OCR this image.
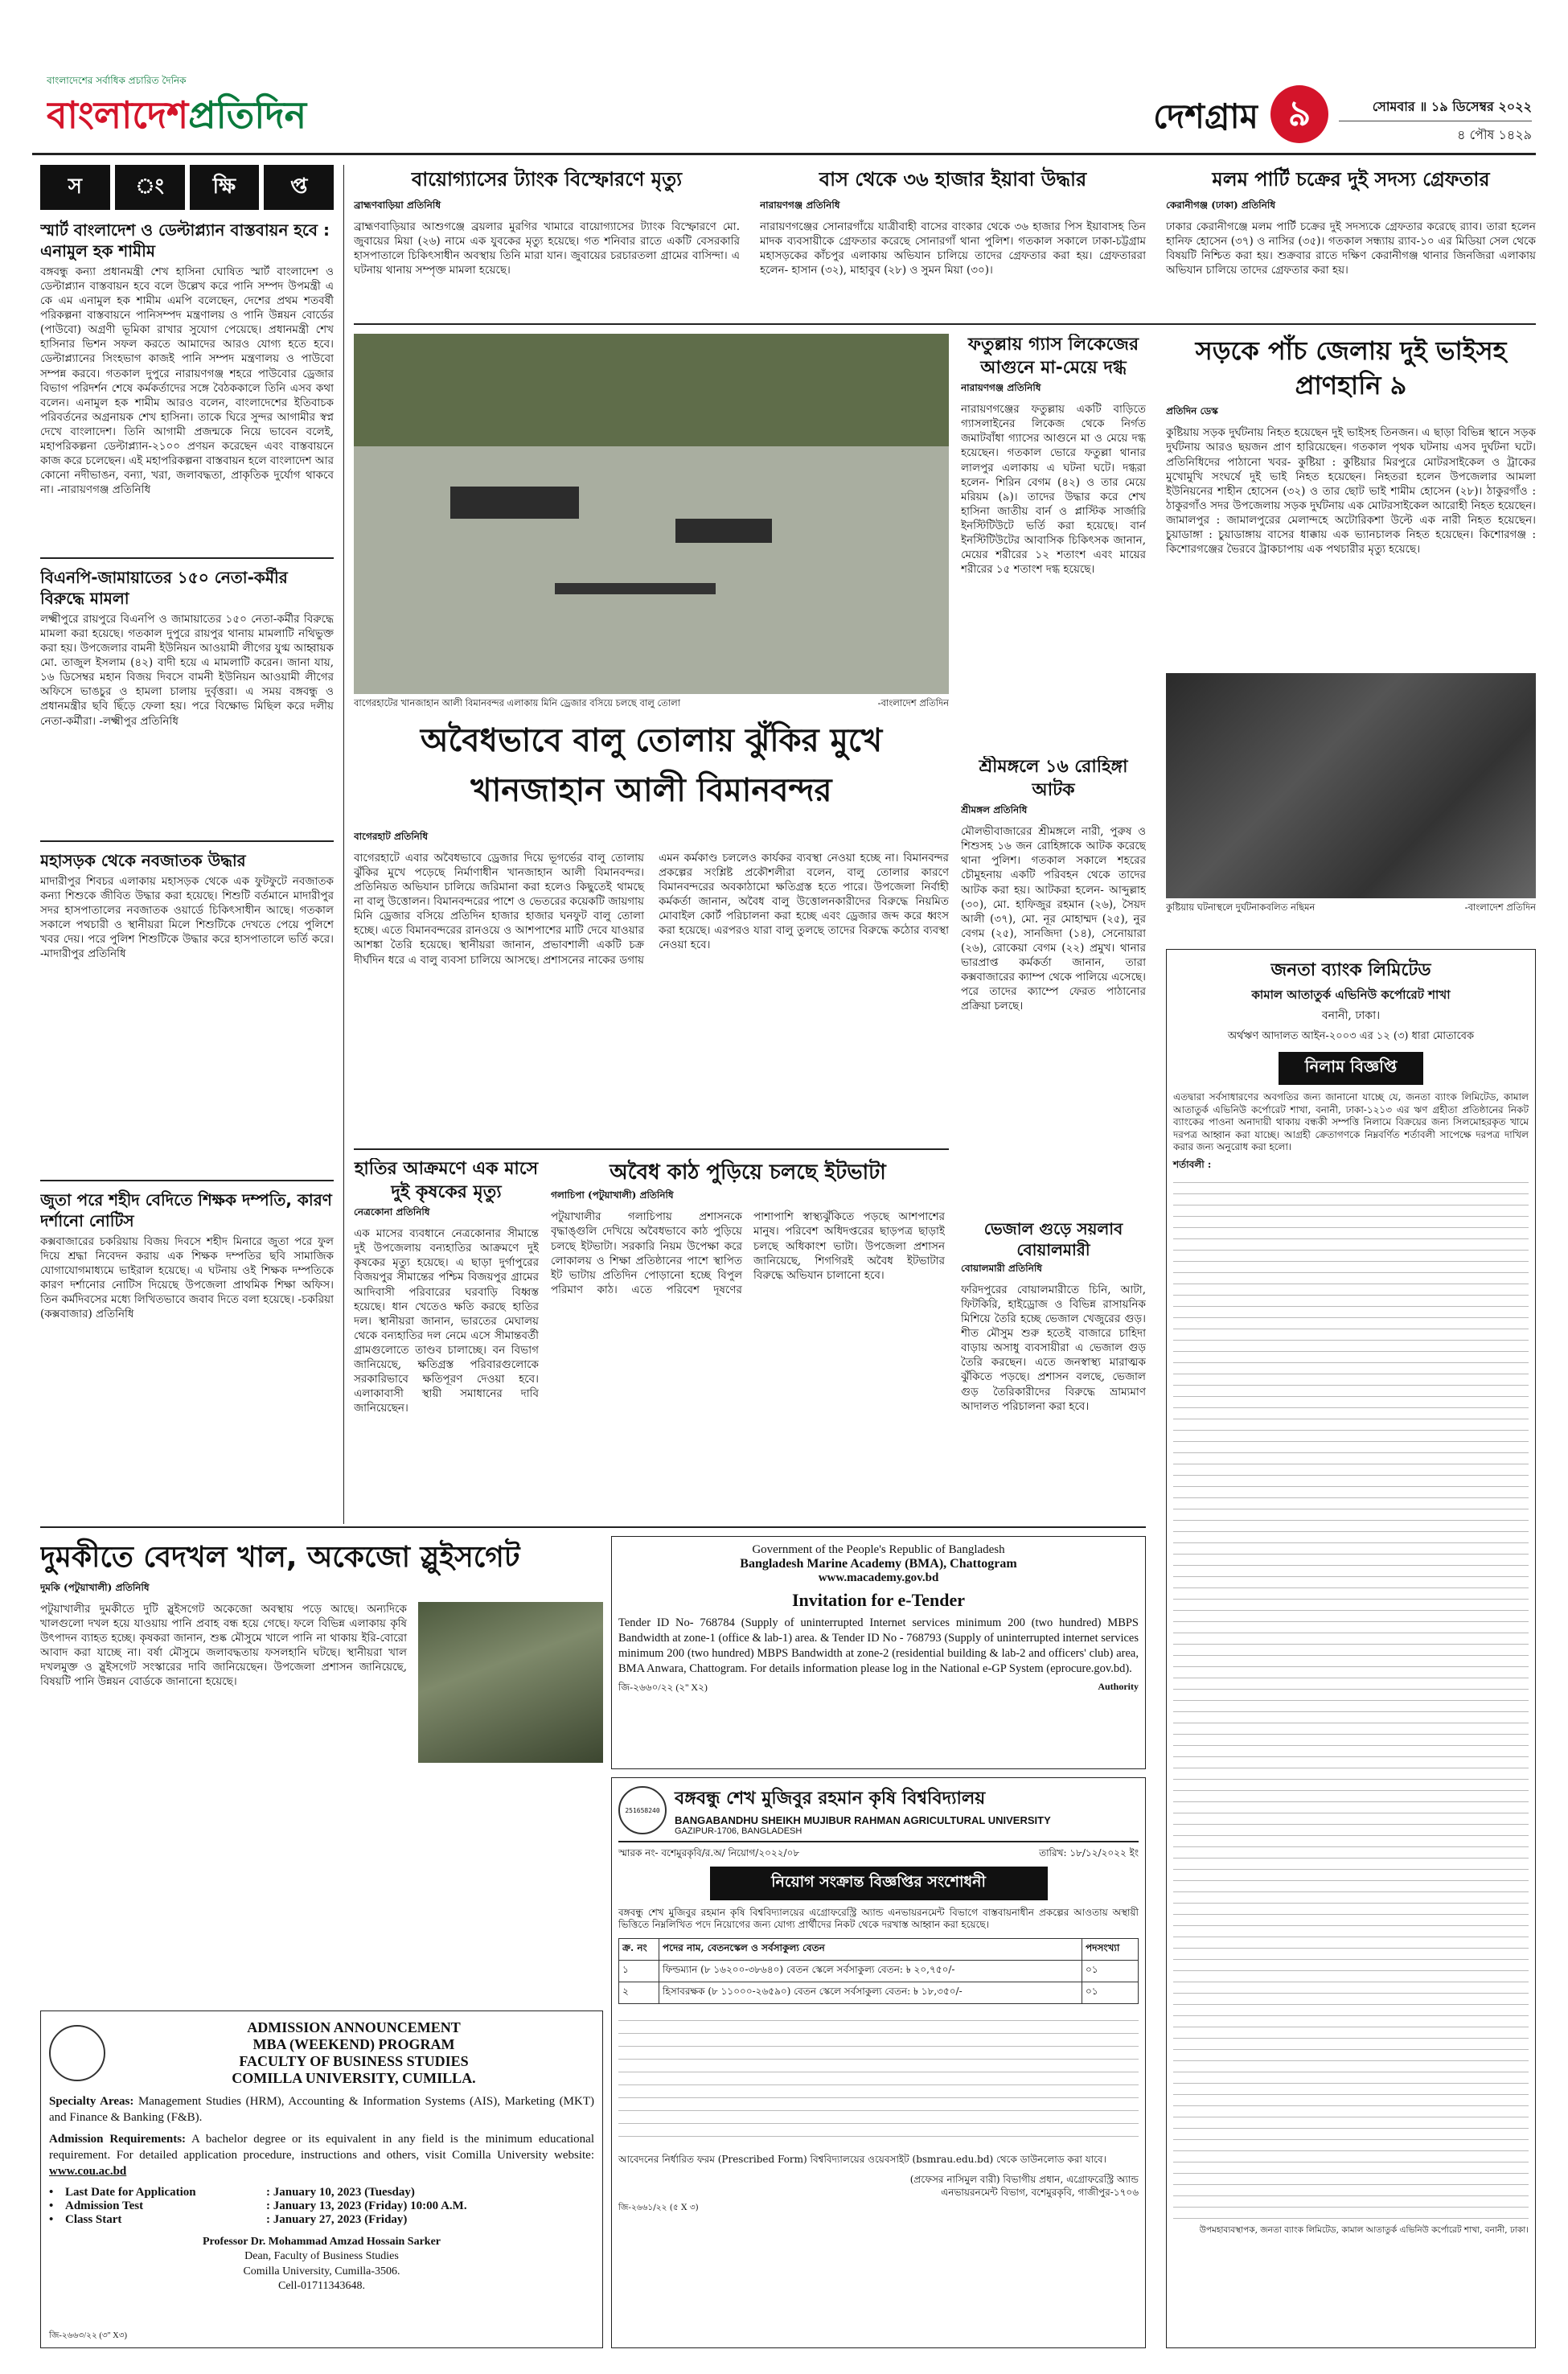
বাংলাদেশের সর্বাধিক প্রচারিত দৈনিক
বাংলাদেশপ্রতিদিন	দেশগ্রাম ৯	সোমবার ॥ ১৯ ডিসেম্বর ২০২২
৪ পৌষ ১৪২৯
স	ং	ক্ষি	প্ত
স্মার্ট বাংলাদেশ ও ডেল্টাপ্ল্যান বাস্তবায়ন হবে : এনামুল হক শামীম
বঙ্গবন্ধু কন্যা প্রধানমন্ত্রী শেখ হাসিনা ঘোষিত স্মার্ট বাংলাদেশ ও ডেল্টাপ্ল্যান বাস্তবায়ন হবে বলে উল্লেখ করে পানি সম্পদ উপমন্ত্রী এ কে এম এনামুল হক শামীম এমপি বলেছেন, দেশের প্রথম শতবর্ষী পরিকল্পনা বাস্তবায়নে পানিসম্পদ মন্ত্রণালয় ও পানি উন্নয়ন বোর্ডের (পাউবো) অগ্রণী ভূমিকা রাখার সুযোগ পেয়েছে। প্রধানমন্ত্রী শেখ হাসিনার ভিশন সফল করতে আমাদের আরও যোগ্য হতে হবে। ডেল্টাপ্ল্যানের সিংহভাগ কাজই পানি সম্পদ মন্ত্রণালয় ও পাউবো সম্পন্ন করবে। গতকাল দুপুরে নারায়ণগঞ্জ শহরে পাউবোর ড্রেজার বিভাগ পরিদর্শন শেষে কর্মকর্তাদের সঙ্গে বৈঠককালে তিনি এসব কথা বলেন। এনামুল হক শামীম আরও বলেন, বাংলাদেশের ইতিবাচক পরিবর্তনের অগ্রনায়ক শেখ হাসিনা। তাকে ঘিরে সুন্দর আগামীর স্বপ্ন দেখে বাংলাদেশ। তিনি আগামী প্রজন্মকে নিয়ে ভাবেন বলেই, মহাপরিকল্পনা ডেল্টাপ্ল্যান-২১০০ প্রণয়ন করেছেন এবং বাস্তবায়নে কাজ করে চলেছেন। এই মহাপরিকল্পনা বাস্তবায়ন হলে বাংলাদেশ আর কোনো নদীভাঙন, বন্যা, খরা, জলাবদ্ধতা, প্রাকৃতিক দুর্যোগ থাকবে না। -নারায়ণগঞ্জ প্রতিনিধি
বিএনপি-জামায়াতের ১৫০ নেতা-কর্মীর বিরুদ্ধে মামলা
লক্ষ্মীপুরে রায়পুরে বিএনপি ও জামায়াতের ১৫০ নেতা-কর্মীর বিরুদ্ধে মামলা করা হয়েছে। গতকাল দুপুরে রায়পুর থানায় মামলাটি নথিভুক্ত করা হয়। উপজেলার বামনী ইউনিয়ন আওয়ামী লীগের যুগ্ম আহ্বায়ক মো. তাজুল ইসলাম (৪২) বাদী হয়ে এ মামলাটি করেন। জানা যায়, ১৬ ডিসেম্বর মহান বিজয় দিবসে বামনী ইউনিয়ন আওয়ামী লীগের অফিসে ভাঙচুর ও হামলা চালায় দুর্বৃত্তরা। এ সময় বঙ্গবন্ধু ও প্রধানমন্ত্রীর ছবি ছিঁড়ে ফেলা হয়। পরে বিক্ষোভ মিছিল করে দলীয় নেতা-কর্মীরা। -লক্ষ্মীপুর প্রতিনিধি
মহাসড়ক থেকে নবজাতক উদ্ধার
মাদারীপুর শিবচর এলাকায় মহাসড়ক থেকে এক ফুটফুটে নবজাতক কন্যা শিশুকে জীবিত উদ্ধার করা হয়েছে। শিশুটি বর্তমানে মাদারীপুর সদর হাসপাতালের নবজাতক ওয়ার্ডে চিকিৎসাধীন আছে। গতকাল সকালে পথচারী ও স্থানীয়রা মিলে শিশুটিকে দেখতে পেয়ে পুলিশে খবর দেয়। পরে পুলিশ শিশুটিকে উদ্ধার করে হাসপাতালে ভর্তি করে। -মাদারীপুর প্রতিনিধি
জুতা পরে শহীদ বেদিতে শিক্ষক দম্পতি, কারণ দর্শানো নোটিস
কক্সবাজারের চকরিয়ায় বিজয় দিবসে শহীদ মিনারে জুতা পরে ফুল দিয়ে শ্রদ্ধা নিবেদন করায় এক শিক্ষক দম্পতির ছবি সামাজিক যোগাযোগমাধ্যমে ভাইরাল হয়েছে। এ ঘটনায় ওই শিক্ষক দম্পতিকে কারণ দর্শানোর নোটিস দিয়েছে উপজেলা প্রাথমিক শিক্ষা অফিস। তিন কর্মদিবসের মধ্যে লিখিতভাবে জবাব দিতে বলা হয়েছে। -চকরিয়া (কক্সবাজার) প্রতিনিধি
বায়োগ্যাসের ট্যাংক বিস্ফোরণে মৃত্যু
ব্রাহ্মণবাড়িয়া প্রতিনিধি
ব্রাহ্মণবাড়িয়ার আশুগঞ্জে ব্রয়লার মুরগির খামারে বায়োগ্যাসের ট্যাংক বিস্ফোরণে মো. জুবায়ের মিয়া (২৬) নামে এক যুবকের মৃত্যু হয়েছে। গত শনিবার রাতে একটি বেসরকারি হাসপাতালে চিকিৎসাধীন অবস্থায় তিনি মারা যান। জুবায়ের চরচারতলা গ্রামের বাসিন্দা। এ ঘটনায় থানায় সম্পৃক্ত মামলা হয়েছে।
বাস থেকে ৩৬ হাজার ইয়াবা উদ্ধার
নারায়ণগঞ্জ প্রতিনিধি
নারায়ণগঞ্জের সোনারগাঁয়ে যাত্রীবাহী বাসের বাংকার থেকে ৩৬ হাজার পিস ইয়াবাসহ তিন মাদক ব্যবসায়ীকে গ্রেফতার করেছে সোনারগাঁ থানা পুলিশ। গতকাল সকালে ঢাকা-চট্টগ্রাম মহাসড়কের কাঁচপুর এলাকায় অভিযান চালিয়ে তাদের গ্রেফতার করা হয়। গ্রেফতাররা হলেন- হাসান (৩২), মাহাবুব (২৮) ও সুমন মিয়া (৩০)।
মলম পার্টি চক্রের দুই সদস্য গ্রেফতার
কেরানীগঞ্জ (ঢাকা) প্রতিনিধি
ঢাকার কেরানীগঞ্জে মলম পার্টি চক্রের দুই সদস্যকে গ্রেফতার করেছে র‌্যাব। তারা হলেন হানিফ হোসেন (৩৭) ও নাসির (৩৫)। গতকাল সন্ধ্যায় র‌্যাব-১০ এর মিডিয়া সেল থেকে বিষয়টি নিশ্চিত করা হয়। শুক্রবার রাতে দক্ষিণ কেরানীগঞ্জ থানার জিনজিরা এলাকায় অভিযান চালিয়ে তাদের গ্রেফতার করা হয়।
বাগেরহাটের খানজাহান আলী বিমানবন্দর এলাকায় মিনি ড্রেজার বসিয়ে চলছে বালু তোলা	-বাংলাদেশ প্রতিদিন
ফতুল্লায় গ্যাস লিকেজের আগুনে মা-মেয়ে দগ্ধ
নারায়ণগঞ্জ প্রতিনিধি
নারায়ণগঞ্জের ফতুল্লায় একটি বাড়িতে গ্যাসলাইনের লিকেজ থেকে নির্গত জমাটবাঁধা গ্যাসের আগুনে মা ও মেয়ে দগ্ধ হয়েছেন। গতকাল ভোরে ফতুল্লা থানার লালপুর এলাকায় এ ঘটনা ঘটে। দগ্ধরা হলেন- শিরিন বেগম (৪২) ও তার মেয়ে মরিয়ম (৯)। তাদের উদ্ধার করে শেখ হাসিনা জাতীয় বার্ন ও প্লাস্টিক সার্জারি ইনস্টিটিউটে ভর্তি করা হয়েছে। বার্ন ইনস্টিটিউটের আবাসিক চিকিৎসক জানান, মেয়ের শরীরের ১২ শতাংশ এবং মায়ের শরীরের ১৫ শতাংশ দগ্ধ হয়েছে।
অবৈধভাবে বালু তোলায় ঝুঁকির মুখে
খানজাহান আলী বিমানবন্দর
শ্রীমঙ্গলে ১৬ রোহিঙ্গা আটক
শ্রীমঙ্গল প্রতিনিধি
মৌলভীবাজারের শ্রীমঙ্গলে নারী, পুরুষ ও শিশুসহ ১৬ জন রোহিঙ্গাকে আটক করেছে থানা পুলিশ। গতকাল সকালে শহরের চৌমুহনায় একটি পরিবহন থেকে তাদের আটক করা হয়। আটকরা হলেন- আব্দুল্লাহ (৩০), মো. হাফিজুর রহমান (২৬), সৈয়দ আলী (৩৭), মো. নূর মোহাম্মদ (২৫), নুর বেগম (২৫), সানজিদা (১৪), সেনোয়ারা (২৬), রোকেয়া বেগম (২২) প্রমুখ। থানার ভারপ্রাপ্ত কর্মকর্তা জানান, তারা কক্সবাজারের ক্যাম্প থেকে পালিয়ে এসেছে। পরে তাদের ক্যাম্পে ফেরত পাঠানোর প্রক্রিয়া চলছে।
বাগেরহাট প্রতিনিধি
বাগেরহাটে এবার অবৈধভাবে ড্রেজার দিয়ে ভূগর্ভের বালু তোলায় ঝুঁকির মুখে পড়েছে নির্মাণাধীন খানজাহান আলী বিমানবন্দর। প্রতিনিয়ত অভিযান চালিয়ে জরিমানা করা হলেও কিছুতেই থামছে না বালু উত্তোলন। বিমানবন্দরের পাশে ও ভেতরের কয়েকটি জায়গায় মিনি ড্রেজার বসিয়ে প্রতিদিন হাজার হাজার ঘনফুট বালু তোলা হচ্ছে। এতে বিমানবন্দরের রানওয়ে ও আশপাশের মাটি দেবে যাওয়ার আশঙ্কা তৈরি হয়েছে। স্থানীয়রা জানান, প্রভাবশালী একটি চক্র দীর্ঘদিন ধরে এ বালু ব্যবসা চালিয়ে আসছে। প্রশাসনের নাকের ডগায় এমন কর্মকাণ্ড চললেও কার্যকর ব্যবস্থা নেওয়া হচ্ছে না। বিমানবন্দর প্রকল্পের সংশ্লিষ্ট প্রকৌশলীরা বলেন, বালু তোলার কারণে বিমানবন্দরের অবকাঠামো ক্ষতিগ্রস্ত হতে পারে। উপজেলা নির্বাহী কর্মকর্তা জানান, অবৈধ বালু উত্তোলনকারীদের বিরুদ্ধে নিয়মিত মোবাইল কোর্ট পরিচালনা করা হচ্ছে এবং ড্রেজার জব্দ করে ধ্বংস করা হয়েছে। এরপরও যারা বালু তুলছে তাদের বিরুদ্ধে কঠোর ব্যবস্থা নেওয়া হবে।
হাতির আক্রমণে এক মাসে দুই কৃষকের মৃত্যু
নেত্রকোনা প্রতিনিধি
এক মাসের ব্যবধানে নেত্রকোনার সীমান্তে দুই উপজেলায় বন্যহাতির আক্রমণে দুই কৃষকের মৃত্যু হয়েছে। এ ছাড়া দুর্গাপুরের বিজয়পুর সীমান্তের পশ্চিম বিজয়পুর গ্রামের আদিবাসী পরিবারের ঘরবাড়ি বিধ্বস্ত হয়েছে। ধান খেতেও ক্ষতি করছে হাতির দল। স্থানীয়রা জানান, ভারতের মেঘালয় থেকে বন্যহাতির দল নেমে এসে সীমান্তবর্তী গ্রামগুলোতে তাণ্ডব চালাচ্ছে। বন বিভাগ জানিয়েছে, ক্ষতিগ্রস্ত পরিবারগুলোকে সরকারিভাবে ক্ষতিপূরণ দেওয়া হবে। এলাকাবাসী স্থায়ী সমাধানের দাবি জানিয়েছেন।
অবৈধ কাঠ পুড়িয়ে চলছে ইটভাটা
গলাচিপা (পটুয়াখালী) প্রতিনিধি
পটুয়াখালীর গলাচিপায় প্রশাসনকে বৃদ্ধাঙ্গুলি দেখিয়ে অবৈধভাবে কাঠ পুড়িয়ে চলছে ইটভাটা। সরকারি নিয়ম উপেক্ষা করে লোকালয় ও শিক্ষা প্রতিষ্ঠানের পাশে স্থাপিত ইট ভাটায় প্রতিদিন পোড়ানো হচ্ছে বিপুল পরিমাণ কাঠ। এতে পরিবেশ দূষণের পাশাপাশি স্বাস্থ্যঝুঁকিতে পড়ছে আশপাশের মানুষ। পরিবেশ অধিদপ্তরের ছাড়পত্র ছাড়াই চলছে অধিকাংশ ভাটা। উপজেলা প্রশাসন জানিয়েছে, শিগগিরই অবৈধ ইটভাটার বিরুদ্ধে অভিযান চালানো হবে।
ভেজাল গুড়ে সয়লাব বোয়ালমারী
বোয়ালমারী প্রতিনিধি
ফরিদপুরের বোয়ালমারীতে চিনি, আটা, ফিটকিরি, হাইড্রোজ ও বিভিন্ন রাসায়নিক মিশিয়ে তৈরি হচ্ছে ভেজাল খেজুরের গুড়। শীত মৌসুম শুরু হতেই বাজারে চাহিদা বাড়ায় অসাধু ব্যবসায়ীরা এ ভেজাল গুড় তৈরি করছেন। এতে জনস্বাস্থ্য মারাত্মক ঝুঁকিতে পড়ছে। প্রশাসন বলছে, ভেজাল গুড় তৈরিকারীদের বিরুদ্ধে ভ্রাম্যমাণ আদালত পরিচালনা করা হবে।
সড়কে পাঁচ জেলায় দুই ভাইসহ প্রাণহানি ৯
প্রতিদিন ডেস্ক
কুষ্টিয়ায় সড়ক দুর্ঘটনায় নিহত হয়েছেন দুই ভাইসহ তিনজন। এ ছাড়া বিভিন্ন স্থানে সড়ক দুর্ঘটনায় আরও ছয়জন প্রাণ হারিয়েছেন। গতকাল পৃথক ঘটনায় এসব দুর্ঘটনা ঘটে। প্রতিনিধিদের পাঠানো খবর- কুষ্টিয়া : কুষ্টিয়ার মিরপুরে মোটরসাইকেল ও ট্রাকের মুখোমুখি সংঘর্ষে দুই ভাই নিহত হয়েছেন। নিহতরা হলেন উপজেলার আমলা ইউনিয়নের শাহীন হোসেন (৩২) ও তার ছোট ভাই শামীম হোসেন (২৮)। ঠাকুরগাঁও : ঠাকুরগাঁও সদর উপজেলায় সড়ক দুর্ঘটনায় এক মোটরসাইকেল আরোহী নিহত হয়েছেন। জামালপুর : জামালপুরের মেলান্দহে অটোরিকশা উল্টে এক নারী নিহত হয়েছেন। চুয়াডাঙ্গা : চুয়াডাঙ্গায় বাসের ধাক্কায় এক ভ্যানচালক নিহত হয়েছেন। কিশোরগঞ্জ : কিশোরগঞ্জের ভৈরবে ট্রাকচাপায় এক পথচারীর মৃত্যু হয়েছে।
কুষ্টিয়ায় ঘটনাস্থলে দুর্ঘটনাকবলিত নছিমন	-বাংলাদেশ প্রতিদিন
জনতা ব্যাংক লিমিটেড
কামাল আতাতুর্ক এভিনিউ কর্পোরেট শাখা
বনানী, ঢাকা।
অর্থঋণ আদালত আইন-২০০৩ এর ১২ (৩) ধারা মোতাবেক
নিলাম বিজ্ঞপ্তি
এতদ্বারা সর্বসাধারণের অবগতির জন্য জানানো যাচ্ছে যে, জনতা ব্যাংক লিমিটেড, কামাল আতাতুর্ক এভিনিউ কর্পোরেট শাখা, বনানী, ঢাকা-১২১৩ এর ঋণ গ্রহীতা প্রতিষ্ঠানের নিকট ব্যাংকের পাওনা অনাদায়ী থাকায় বন্ধকী সম্পত্তি নিলামে বিক্রয়ের জন্য সিলমোহরকৃত খামে দরপত্র আহ্বান করা যাচ্ছে। আগ্রহী ক্রেতাগণকে নিম্নবর্ণিত শর্তাবলী সাপেক্ষে দরপত্র দাখিল করার জন্য অনুরোধ করা হলো।
শর্তাবলী :
উপমহাব্যবস্থাপক, জনতা ব্যাংক লিমিটেড, কামাল আতাতুর্ক এভিনিউ কর্পোরেট শাখা, বনানী, ঢাকা।
দুমকীতে বেদখল খাল, অকেজো স্লুইসগেট
দুমকি (পটুয়াখালী) প্রতিনিধি
পটুয়াখালীর দুমকীতে দুটি স্লুইসগেট অকেজো অবস্থায় পড়ে আছে। অন্যদিকে খালগুলো দখল হয়ে যাওয়ায় পানি প্রবাহ বন্ধ হয়ে গেছে। ফলে বিভিন্ন এলাকায় কৃষি উৎপাদন ব্যাহত হচ্ছে। কৃষকরা জানান, শুষ্ক মৌসুমে খালে পানি না থাকায় ইরি-বোরো আবাদ করা যাচ্ছে না। বর্ষা মৌসুমে জলাবদ্ধতায় ফসলহানি ঘটছে। স্থানীয়রা খাল দখলমুক্ত ও স্লুইসগেট সংস্কারের দাবি জানিয়েছেন। উপজেলা প্রশাসন জানিয়েছে, বিষয়টি পানি উন্নয়ন বোর্ডকে জানানো হয়েছে।
Government of the People's Republic of Bangladesh
Bangladesh Marine Academy (BMA), Chattogram
www.macademy.gov.bd
Invitation for e-Tender
Tender ID No- 768784 (Supply of uninterrupted Internet services minimum 200 (two hundred) MBPS Bandwidth at zone-1 (office & lab-1) area. & Tender ID No - 768793 (Supply of uninterrupted internet services minimum 200 (two hundred) MBPS Bandwidth at zone-2 (residential building & lab-2 and officers' club) area, BMA Anwara, Chattogram. For details information please log in the National e-GP System (eprocure.gov.bd).
জি-২৬৬০/২২ (২'' X২)	Authority
251658240
বঙ্গবন্ধু শেখ মুজিবুর রহমান কৃষি বিশ্ববিদ্যালয়
BANGABANDHU SHEIKH MUJIBUR RAHMAN AGRICULTURAL UNIVERSITY
GAZIPUR-1706, BANGLADESH
স্মারক নং- বশেমুরকৃবি/র.অ/ নিয়োগ/২০২২/০৮	তারিখ: ১৮/১২/২০২২ ইং
নিয়োগ সংক্রান্ত বিজ্ঞপ্তির সংশোধনী
বঙ্গবন্ধু শেখ মুজিবুর রহমান কৃষি বিশ্ববিদ্যালয়ের এগ্রোফরেস্ট্রি অ্যান্ড এনভায়রনমেন্ট বিভাগে বাস্তবায়নাধীন প্রকল্পের আওতায় অস্থায়ী ভিত্তিতে নিম্নলিখিত পদে নিয়োগের জন্য যোগ্য প্রার্থীদের নিকট থেকে দরখাস্ত আহ্বান করা হয়েছে।
ক্র. নং	পদের নাম, বেতনস্কেল ও সর্বসাকুল্য বেতন	পদসংখ্যা
১	ফিল্ডম্যান (৮ ১৬২০০-৩৮৬৪০) বেতন স্কেলে সর্বসাকুল্য বেতন: ৳ ২০,৭৫০/-	০১
২	হিসাবরক্ষক (৮ ১১০০০-২৬৫৯০) বেতন স্কেলে সর্বসাকুল্য বেতন: ৳ ১৮,৩৫০/-	০১
আবেদনের নির্ধারিত ফরম (Prescribed Form) বিশ্ববিদ্যালয়ের ওয়েবসাইট (bsmrau.edu.bd) থেকে ডাউনলোড করা যাবে।
(প্রফেসর নাসিমুল বারী) বিভাগীয় প্রধান, এগ্রোফরেস্ট্রি অ্যান্ড এনভায়রনমেন্ট বিভাগ, বশেমুরকৃবি, গাজীপুর-১৭০৬
জি-২৬৬১/২২ (৫ X ৩)
ADMISSION ANNOUNCEMENT
MBA (WEEKEND) PROGRAM
FACULTY OF BUSINESS STUDIES
COMILLA UNIVERSITY, CUMILLA.
Specialty Areas: Management Studies (HRM), Accounting & Information Systems (AIS), Marketing (MKT) and Finance & Banking (F&B).
Admission Requirements: A bachelor degree or its equivalent in any field is the minimum educational requirement. For detailed application procedure, instructions and others, visit Comilla University website: www.cou.ac.bd
• Last Date for Application	: January 10, 2023 (Tuesday)
• Admission Test	: January 13, 2023 (Friday) 10:00 A.M.
• Class Start	: January 27, 2023 (Friday)
Professor Dr. Mohammad Amzad Hossain Sarker
Dean, Faculty of Business Studies
Comilla University, Cumilla-3506.
Cell-01711343648.
জি-২৬৬৩/২২ (৩'' X৩)
